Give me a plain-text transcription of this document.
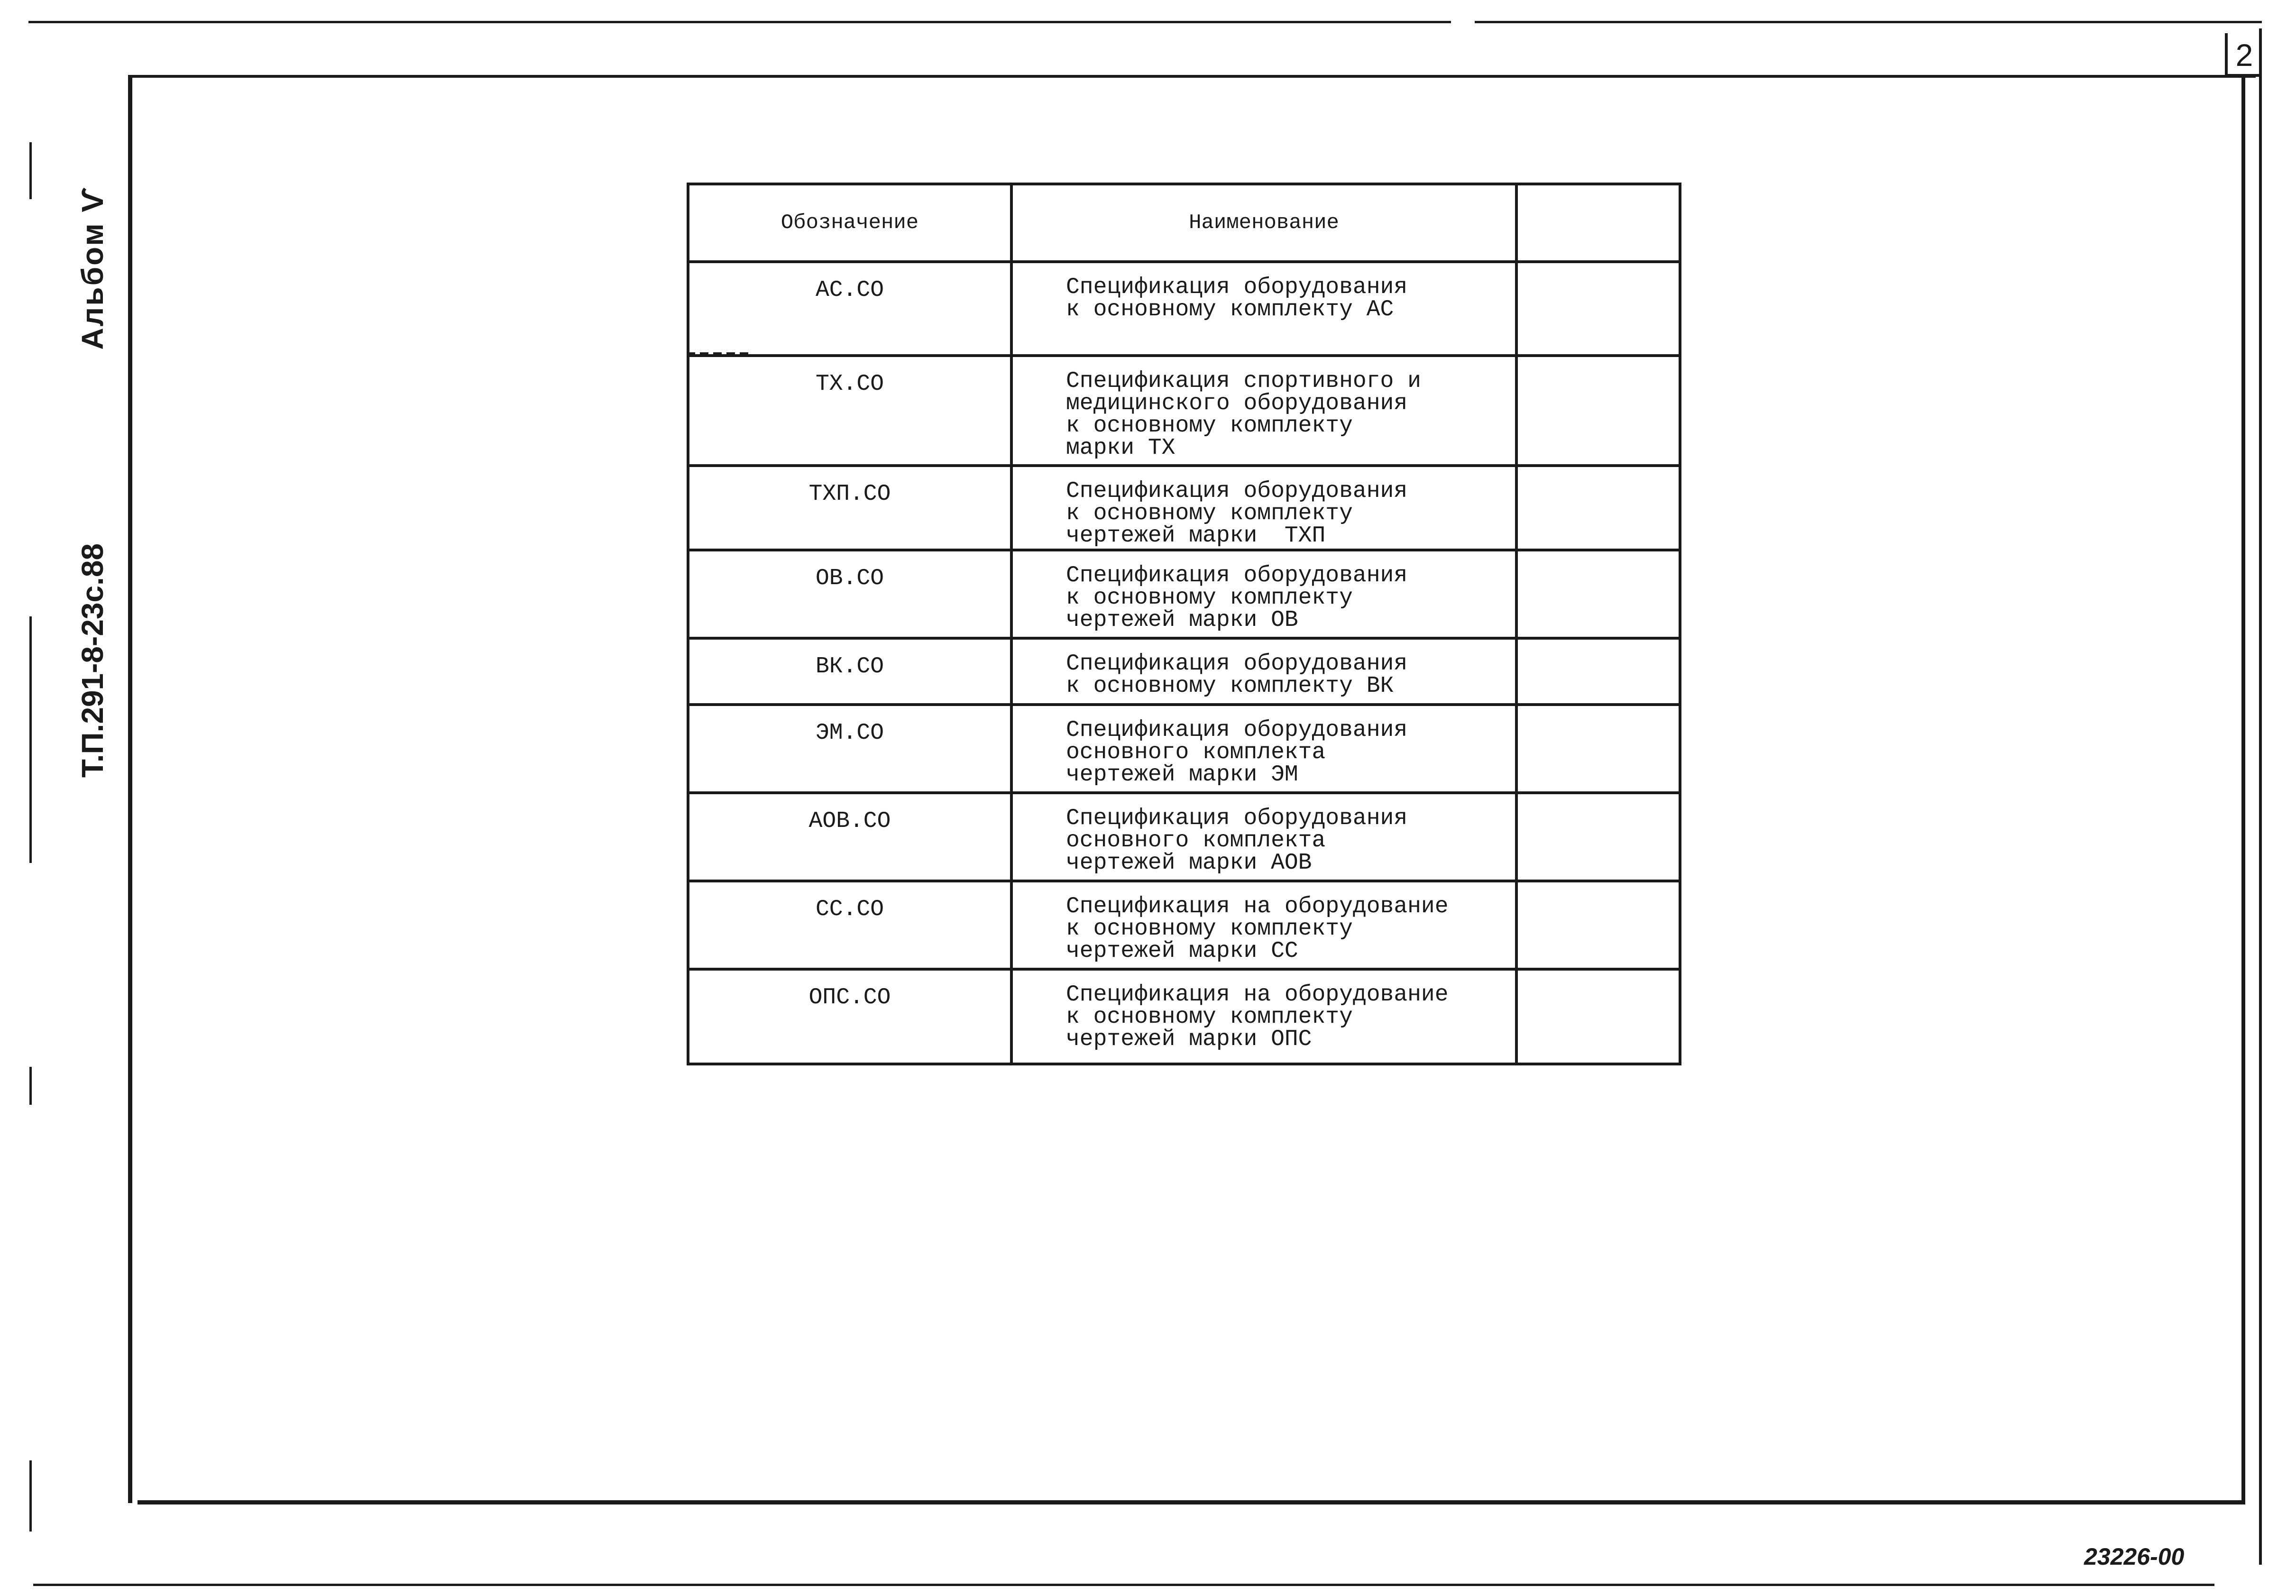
2
Альбом Ѵ
Т.П.291-8-23с.88
Обозначение	Наименование	
АС.СО	Спецификация оборудования
к основному комплекту АС	

ТХ.СО	Спецификация спортивного и
медицинского оборудования
к основному комплекту
марки ТХ	

ТХП.СО	Спецификация оборудования
к основному комплекту
чертежей марки  ТХП	

ОВ.СО	Спецификация оборудования
к основному комплекту
чертежей марки ОВ	

ВК.СО	Спецификация оборудования
к основному комплекту ВК	

ЭМ.СО	Спецификация оборудования
основного комплекта
чертежей марки ЭМ	

АОВ.СО	Спецификация оборудования
основного комплекта
чертежей марки АОВ	

СС.СО	Спецификация на оборудование
к основному комплекту
чертежей марки СС	

ОПС.СО	Спецификация на оборудование
к основному комплекту
чертежей марки ОПС	

23226-00
